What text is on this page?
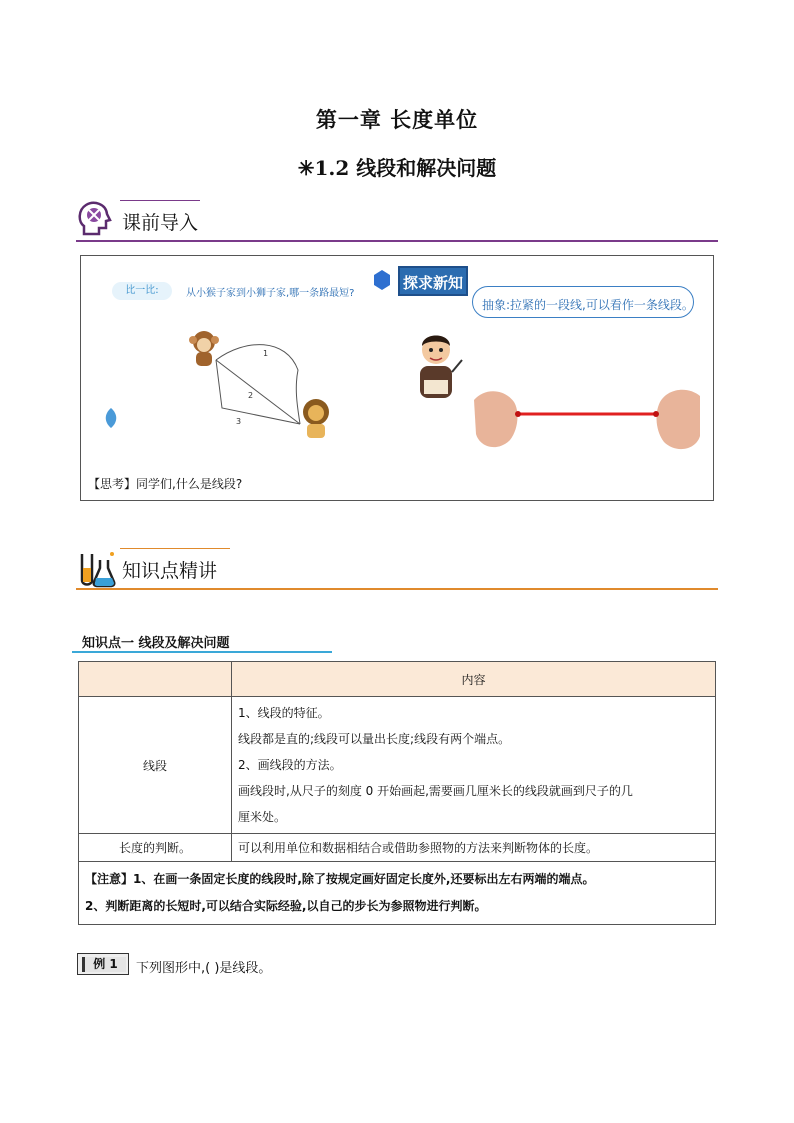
第一章 长度单位
✳1.2 线段和解决问题
课前导入
比一比:	从小猴子家到小狮子家,哪一条路最短?
1
2
3
探求新知
抽象:拉紧的一段线,可以看作一条线段。
【思考】同学们,什么是线段?
知识点精讲
知识点一 线段及解决问题
	内容
线段	1、线段的特征。
线段都是直的;线段可以量出长度;线段有两个端点。
2、画线段的方法。
画线段时,从尺子的刻度 0 开始画起,需要画几厘米长的线段就画到尺子的几
厘米处。

长度的判断。	可以利用单位和数据相结合或借助参照物的方法来判断物体的长度。

【注意】1、在画一条固定长度的线段时,除了按规定画好固定长度外,还要标出左右两端的端点。
2、判断距离的长短时,可以结合实际经验,以自己的步长为参照物进行判断。	
例 1	下列图形中,( )是线段。
